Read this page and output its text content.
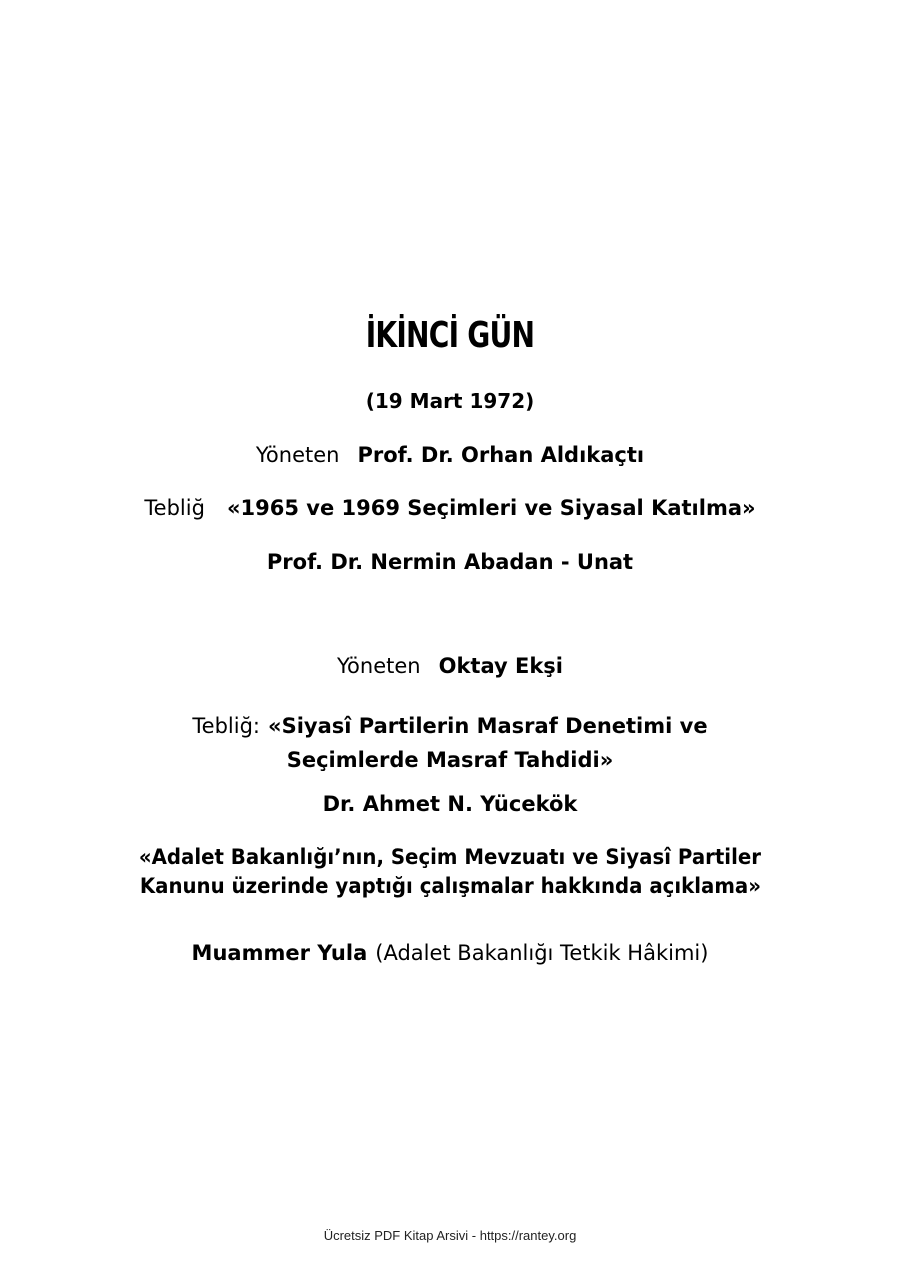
İKİNCİ GÜN
(19 Mart 1972)
Yöneten Prof. Dr. Orhan Aldıkaçtı
Tebliğ «1965 ve 1969 Seçimleri ve Siyasal Katılma»
Prof. Dr. Nermin Abadan - Unat
Yöneten Oktay Ekşi
Tebliğ: «Siyasî Partilerin Masraf Denetimi ve
Seçimlerde Masraf Tahdidi»
Dr. Ahmet N. Yücekök
«Adalet Bakanlığı’nın, Seçim Mevzuatı ve Siyasî Partiler
Kanunu üzerinde yaptığı çalışmalar hakkında açıklama»
Muammer Yula (Adalet Bakanlığı Tetkik Hâkimi)
Ücretsiz PDF Kitap Arsivi - https://rantey.org
